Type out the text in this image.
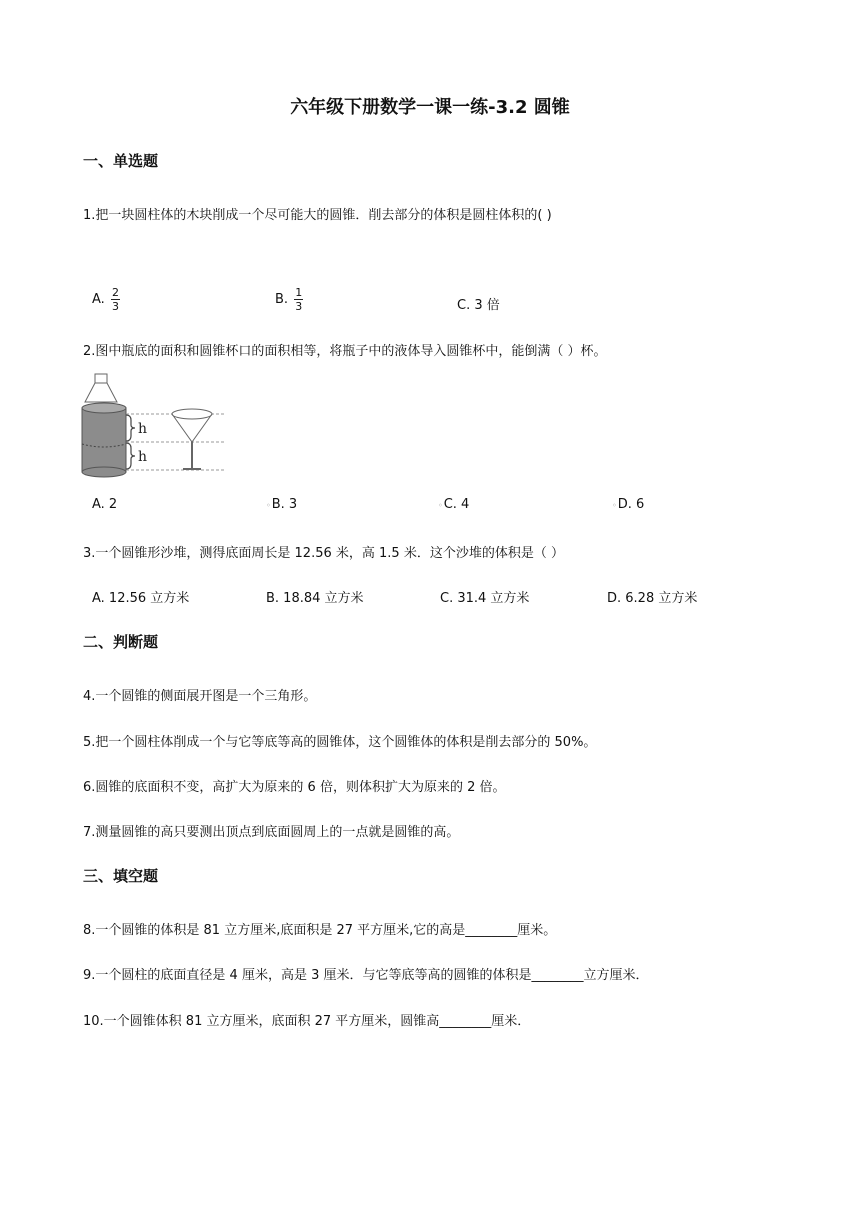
六年级下册数学一课一练-3.2 圆锥
一、单选题
1.把一块圆柱体的木块削成一个尽可能大的圆锥．削去部分的体积是圆柱体积的( )
A. $\frac{2}{3}$	B. $\frac{1}{3}$	C. 3 倍
2.图中瓶底的面积和圆锥杯口的面积相等，将瓶子中的液体导入圆锥杯中，能倒满（ ）杯。
h
h
A. 2	◦B. 3	◦C. 4	◦D. 6
3.一个圆锥形沙堆，测得底面周长是 12.56 米，高 1.5 米．这个沙堆的体积是（ ）
A. 12.56 立方米	B. 18.84 立方米	C. 31.4 立方米	D. 6.28 立方米
二、判断题
4.一个圆锥的侧面展开图是一个三角形。
5.把一个圆柱体削成一个与它等底等高的圆锥体，这个圆锥体的体积是削去部分的 50%。
6.圆锥的底面积不变，高扩大为原来的 6 倍，则体积扩大为原来的 2 倍。
7.测量圆锥的高只要测出顶点到底面圆周上的一点就是圆锥的高。
三、填空题
8.一个圆锥的体积是 81 立方厘米,底面积是 27 平方厘米,它的高是________厘米。
9.一个圆柱的底面直径是 4 厘米，高是 3 厘米．与它等底等高的圆锥的体积是________立方厘米．
10.一个圆锥体积 81 立方厘米，底面积 27 平方厘米，圆锥高________厘米．
